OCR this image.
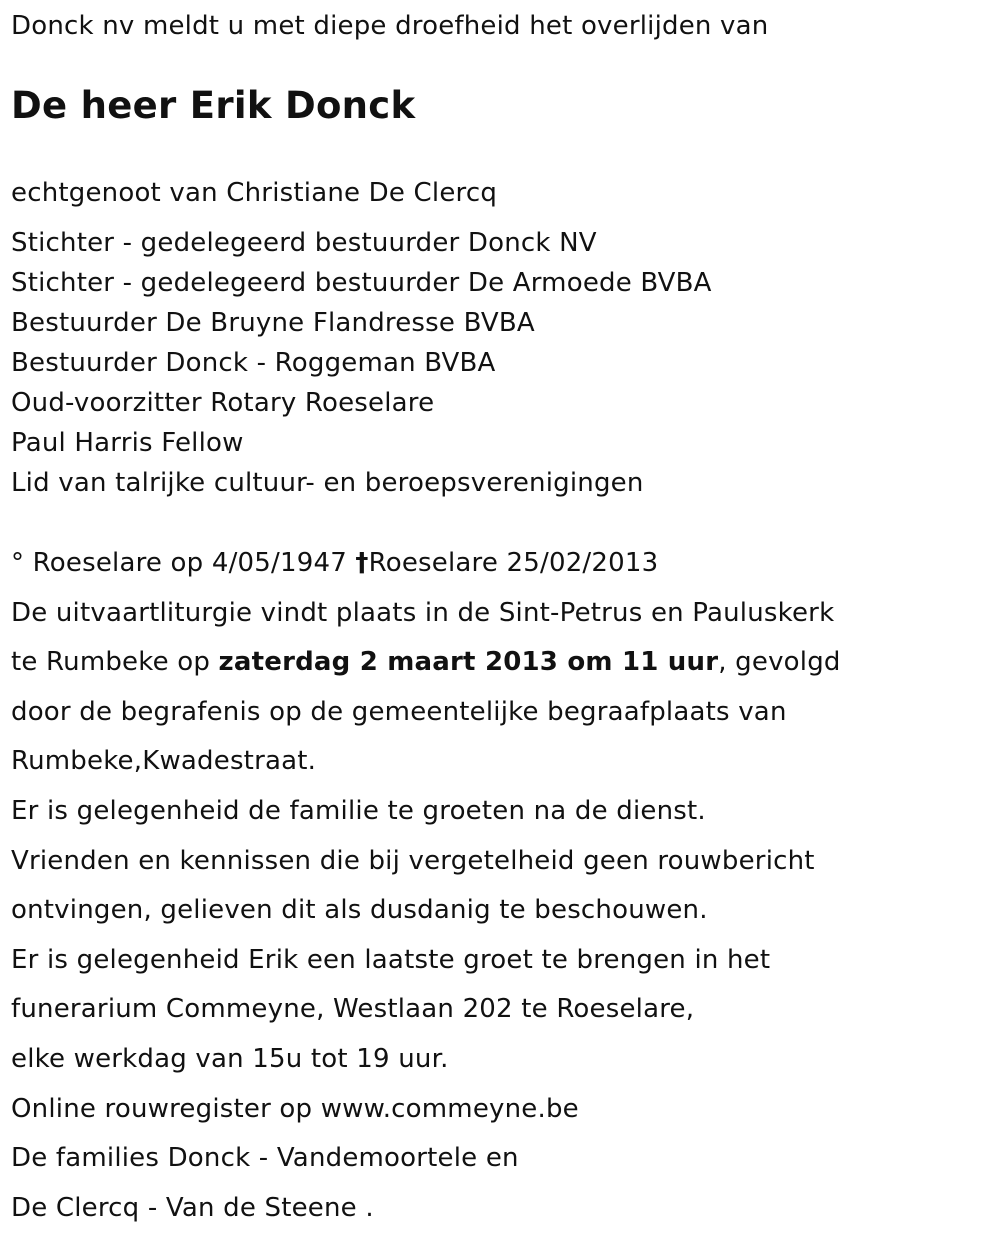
Donck nv meldt u met diepe droefheid het overlijden van
De heer Erik Donck
echtgenoot van Christiane De Clercq
Stichter - gedelegeerd bestuurder Donck NV
Stichter - gedelegeerd bestuurder De Armoede BVBA
Bestuurder De Bruyne Flandresse BVBA
Bestuurder Donck - Roggeman BVBA
Oud-voorzitter Rotary Roeselare
Paul Harris Fellow
Lid van talrijke cultuur- en beroepsverenigingen
° Roeselare op 4/05/1947 †Roeselare 25/02/2013
De uitvaartliturgie vindt plaats in de Sint-Petrus en Pauluskerk
te Rumbeke op zaterdag 2 maart 2013 om 11 uur, gevolgd
door de begrafenis op de gemeentelijke begraafplaats van
Rumbeke,Kwadestraat.
Er is gelegenheid de familie te groeten na de dienst.
Vrienden en kennissen die bij vergetelheid geen rouwbericht
ontvingen, gelieven dit als dusdanig te beschouwen.
Er is gelegenheid Erik een laatste groet te brengen in het
funerarium Commeyne, Westlaan 202 te Roeselare,
elke werkdag van 15u tot 19 uur.
Online rouwregister op www.commeyne.be
De families Donck - Vandemoortele en
De Clercq - Van de Steene .
